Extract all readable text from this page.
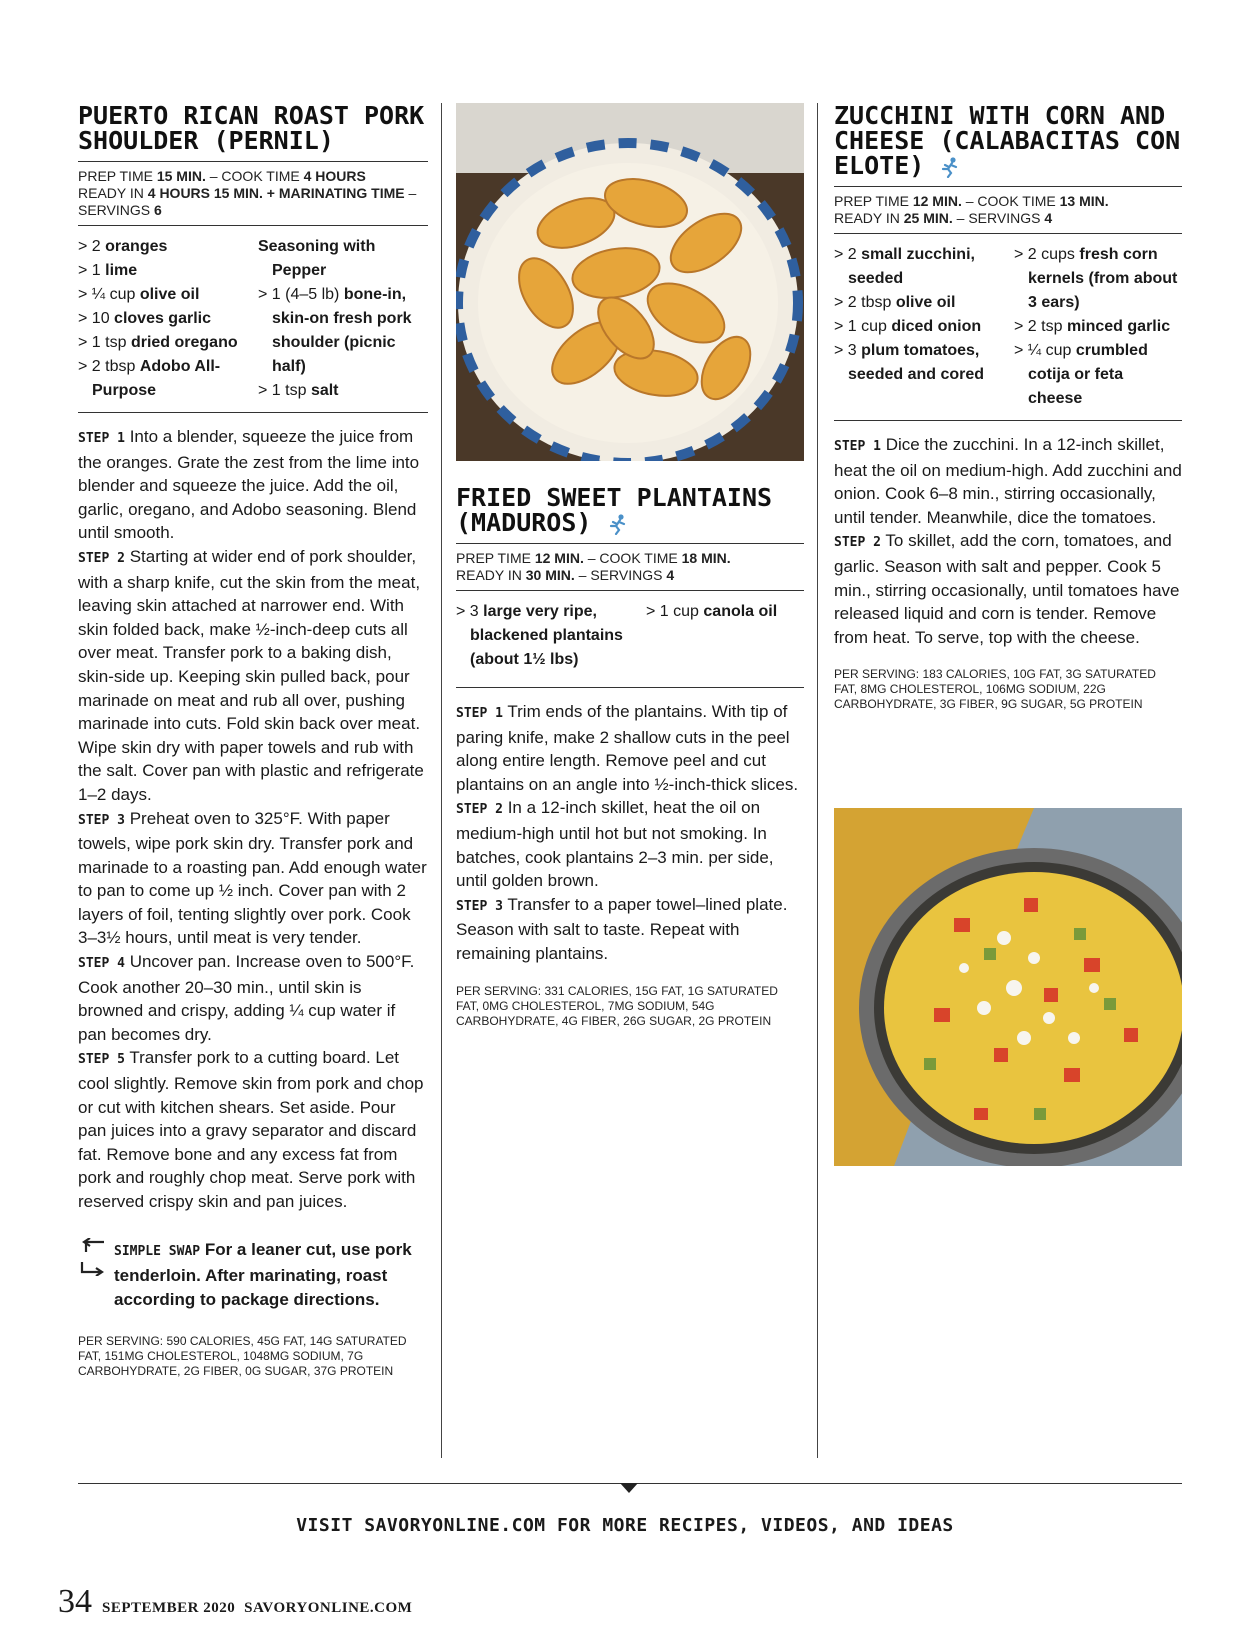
PUERTO RICAN ROAST PORK SHOULDER (PERNIL)
PREP TIME 15 MIN. – COOK TIME 4 HOURS
READY IN 4 HOURS 15 MIN. + MARINATING TIME – SERVINGS 6
> 2 oranges
> 1 lime
> ¼ cup olive oil
> 10 cloves garlic
> 1 tsp dried oregano
> 2 tbsp Adobo All-Purpose
Seasoning with Pepper
> 1 (4–5 lb) bone-in, skin-on fresh pork shoulder (picnic half)
> 1 tsp salt

STEP 1 Into a blender, squeeze the juice from the oranges. Grate the zest from the lime into blender and squeeze the juice. Add the oil, garlic, oregano, and Adobo seasoning. Blend until smooth.

STEP 2 Starting at wider end of pork shoulder, with a sharp knife, cut the skin from the meat, leaving skin attached at narrower end. With skin folded back, make ½-inch-deep cuts all over meat. Transfer pork to a baking dish, skin-side up. Keeping skin pulled back, pour marinade on meat and rub all over, pushing marinade into cuts. Fold skin back over meat. Wipe skin dry with paper towels and rub with the salt. Cover pan with plastic and refrigerate 1–2 days.

STEP 3 Preheat oven to 325°F. With paper towels, wipe pork skin dry. Transfer pork and marinade to a roasting pan. Add enough water to pan to come up ½ inch. Cover pan with 2 layers of foil, tenting slightly over pork. Cook 3–3½ hours, until meat is very tender.

STEP 4 Uncover pan. Increase oven to 500°F. Cook another 20–30 min., until skin is browned and crispy, adding ¼ cup water if pan becomes dry.

STEP 5 Transfer pork to a cutting board. Let cool slightly. Remove skin from pork and chop or cut with kitchen shears. Set aside. Pour pan juices into a gravy separator and discard fat. Remove bone and any excess fat from pork and roughly chop meat. Serve pork with reserved crispy skin and pan juices.

SIMPLE SWAP For a leaner cut, use pork tenderloin. After marinating, roast according to package directions.
PER SERVING: 590 CALORIES, 45G FAT, 14G SATURATED FAT, 151MG CHOLESTEROL, 1048MG SODIUM, 7G CARBOHYDRATE, 2G FIBER, 0G SUGAR, 37G PROTEIN
FRIED SWEET PLANTAINS (MADUROS)
PREP TIME 12 MIN. – COOK TIME 18 MIN.
READY IN 30 MIN. – SERVINGS 4
> 3 large very ripe, blackened plantains (about 1½ lbs)
> 1 cup canola oil

STEP 1 Trim ends of the plantains. With tip of paring knife, make 2 shallow cuts in the peel along entire length. Remove peel and cut plantains on an angle into ½-inch-thick slices.

STEP 2 In a 12-inch skillet, heat the oil on medium-high until hot but not smoking. In batches, cook plantains 2–3 min. per side, until golden brown.

STEP 3 Transfer to a paper towel–lined plate. Season with salt to taste. Repeat with remaining plantains.

PER SERVING: 331 CALORIES, 15G FAT, 1G SATURATED FAT, 0MG CHOLESTEROL, 7MG SODIUM, 54G CARBOHYDRATE, 4G FIBER, 26G SUGAR, 2G PROTEIN
ZUCCHINI WITH CORN AND CHEESE (CALABACITAS CON ELOTE)
PREP TIME 12 MIN. – COOK TIME 13 MIN.
READY IN 25 MIN. – SERVINGS 4
> 2 small zucchini, seeded
> 2 tbsp olive oil
> 1 cup diced onion
> 3 plum tomatoes, seeded and cored
> 2 cups fresh corn kernels (from about 3 ears)
> 2 tsp minced garlic
> ¼ cup crumbled cotija or feta cheese

STEP 1 Dice the zucchini. In a 12-inch skillet, heat the oil on medium-high. Add zucchini and onion. Cook 6–8 min., stirring occasionally, until tender. Meanwhile, dice the tomatoes.

STEP 2 To skillet, add the corn, tomatoes, and garlic. Season with salt and pepper. Cook 5 min., stirring occasionally, until tomatoes have released liquid and corn is tender. Remove from heat. To serve, top with the cheese.

PER SERVING: 183 CALORIES, 10G FAT, 3G SATURATED FAT, 8MG CHOLESTEROL, 106MG SODIUM, 22G CARBOHYDRATE, 3G FIBER, 9G SUGAR, 5G PROTEIN
VISIT SAVORYONLINE.COM FOR MORE RECIPES, VIDEOS, AND IDEAS
34 SEPTEMBER 2020
SAVORYONLINE.COM
